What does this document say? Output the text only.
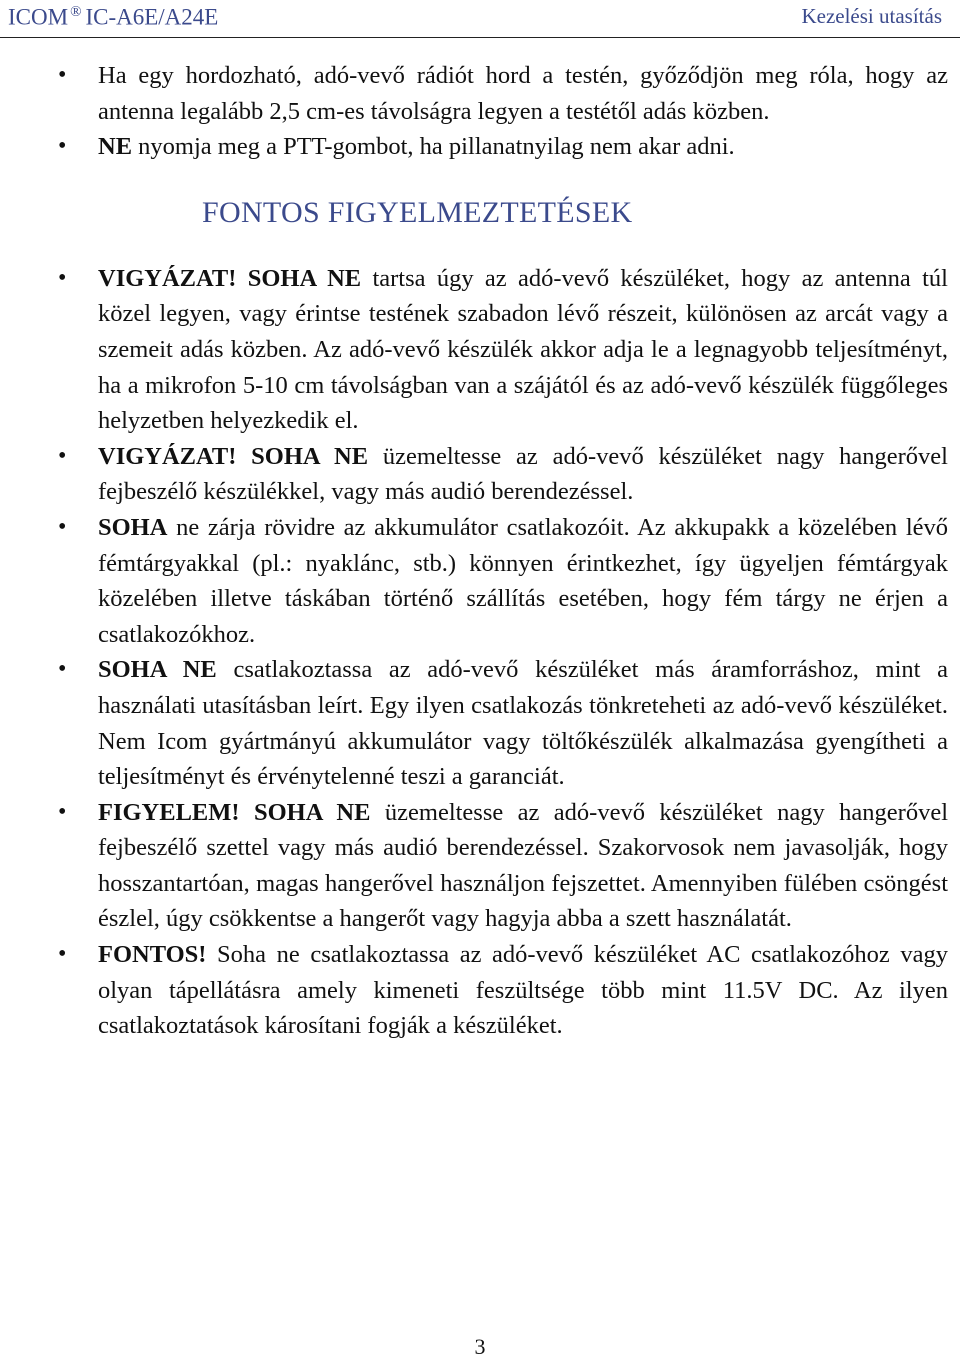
ICOM ® IC-A6E/A24E	Kezelési utasítás
• Ha egy hordozható, adó-vevő rádiót hord a testén, győződjön meg róla, hogy az antenna legalább 2,5 cm-es távolságra legyen a testétől adás közben.
• NE nyomja meg a PTT-gombot, ha pillanatnyilag nem akar adni.
FONTOS FIGYELMEZTETÉSEK
• VIGYÁZAT! SOHA NE tartsa úgy az adó-vevő készüléket, hogy az antenna túl közel legyen, vagy érintse testének szabadon lévő részeit, különösen az arcát vagy a szemeit adás közben. Az adó-vevő készülék akkor adja le a legnagyobb teljesítményt, ha a mikrofon 5-10 cm távolságban van a szájától és az adó-vevő készülék függőleges helyzetben helyezkedik el.
• VIGYÁZAT! SOHA NE üzemeltesse az adó-vevő készüléket nagy hangerővel fejbeszélő készülékkel, vagy más audió berendezéssel.
• SOHA ne zárja rövidre az akkumulátor csatlakozóit. Az akkupakk a közelében lévő fémtárgyakkal (pl.: nyaklánc, stb.) könnyen érintkezhet, így ügyeljen fémtárgyak közelében illetve táskában történő szállítás esetében, hogy fém tárgy ne érjen a csatlakozókhoz.
• SOHA NE csatlakoztassa az adó-vevő készüléket más áramforráshoz, mint a használati utasításban leírt. Egy ilyen csatlakozás tönkreteheti az adó-vevő készüléket. Nem Icom gyártmányú akkumulátor vagy töltőkészülék alkalmazása gyengítheti a teljesítményt és érvénytelenné teszi a garanciát.
• FIGYELEM! SOHA NE üzemeltesse az adó-vevő készüléket nagy hangerővel fejbeszélő szettel vagy más audió berendezéssel. Szakorvosok nem javasolják, hogy hosszantartóan, magas hangerővel használjon fejszettet. Amennyiben fülében csöngést észlel, úgy csökkentse a hangerőt vagy hagyja abba a szett használatát.
• FONTOS! Soha ne csatlakoztassa az adó-vevő készüléket AC csatlakozóhoz vagy olyan tápellátásra amely kimeneti feszültsége több mint 11.5V DC. Az ilyen csatlakoztatások károsítani fogják a készüléket.
3
